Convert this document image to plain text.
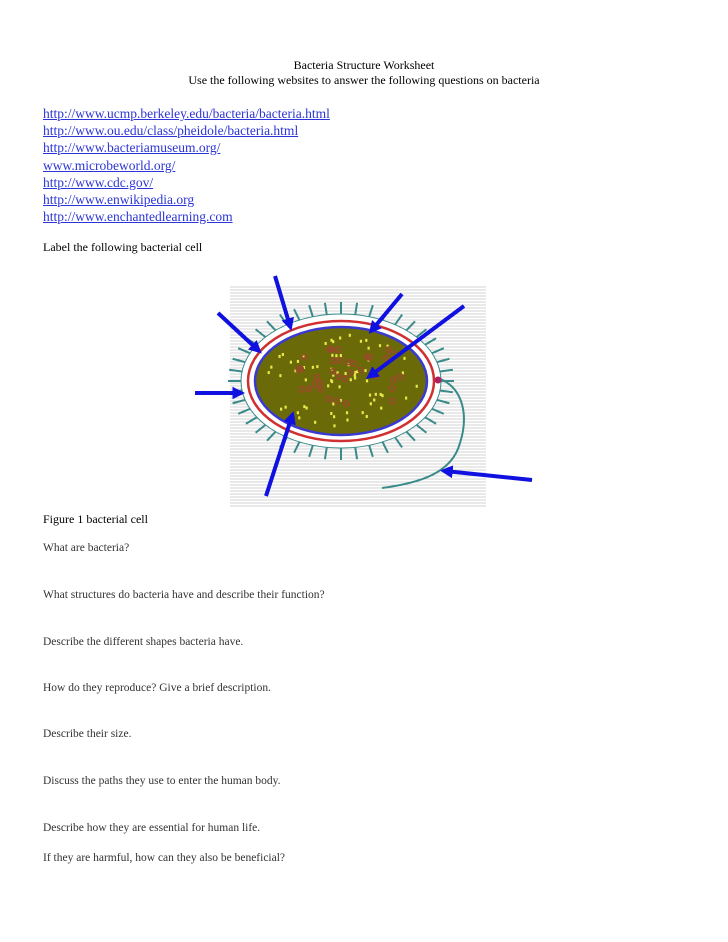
Bacteria Structure Worksheet
Use the following websites to answer the following questions on bacteria
http://www.ucmp.berkeley.edu/bacteria/bacteria.html
http://www.ou.edu/class/pheidole/bacteria.html
http://www.bacteriamuseum.org/
www.microbeworld.org/
http://www.cdc.gov/
http://www.enwikipedia.org
http://www.enchantedlearning.com
Label the following bacterial cell
Figure 1 bacterial cell
What are bacteria?
What structures do bacteria have and describe their function?
Describe the different shapes bacteria have.
How do they reproduce? Give a brief description.
Describe their size.
Discuss the paths they use to enter the human body.
Describe how they are essential for human life.
If they are harmful, how can they also be beneficial?
